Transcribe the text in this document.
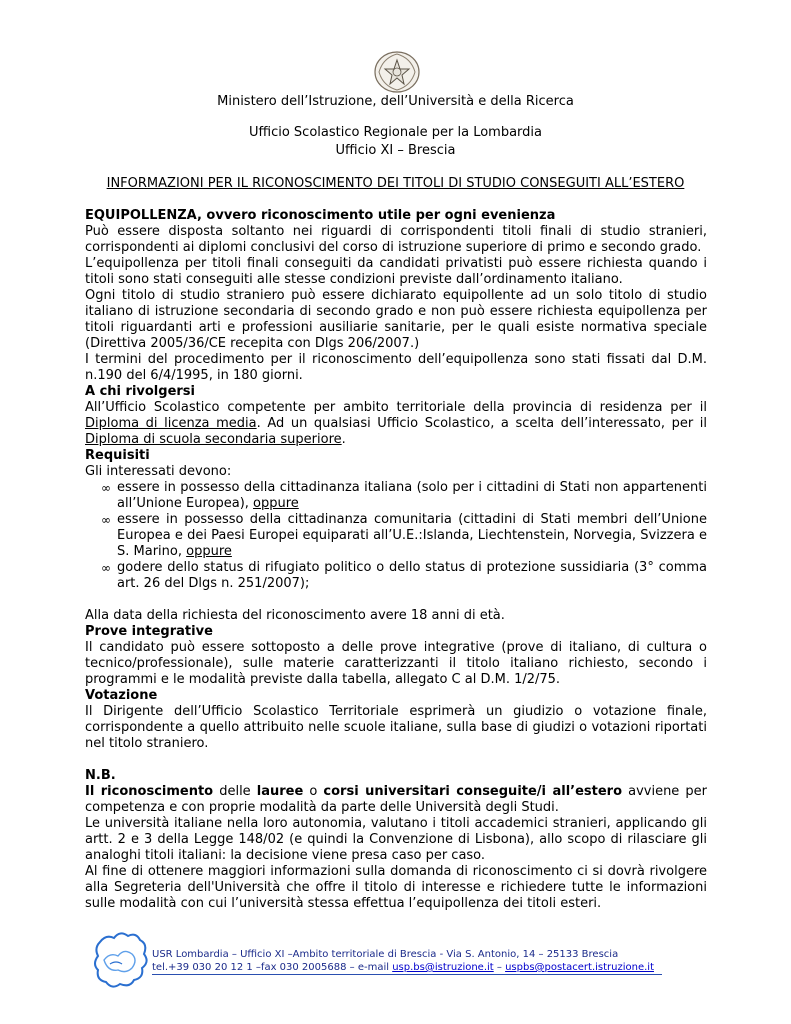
Ministero dell’Istruzione, dell’Università e della Ricerca
Ufficio Scolastico Regionale per la Lombardia
Ufficio XI – Brescia
INFORMAZIONI PER IL RICONOSCIMENTO DEI TITOLI DI STUDIO CONSEGUITI ALL’ESTERO

EQUIPOLLENZA, ovvero riconoscimento utile per ogni evenienza

Può essere disposta soltanto nei riguardi di corrispondenti titoli finali di studio stranieri, corrispondenti ai diplomi conclusivi del corso di istruzione superiore di primo e secondo grado.

L’equipollenza per titoli finali conseguiti da candidati privatisti può essere richiesta quando i titoli sono stati conseguiti alle stesse condizioni previste dall’ordinamento italiano.

Ogni titolo di studio straniero può essere dichiarato equipollente ad un solo titolo di studio italiano di istruzione secondaria di secondo grado e non può essere richiesta equipollenza per titoli riguardanti arti e professioni ausiliarie sanitarie, per le quali esiste normativa speciale (Direttiva 2005/36/CE recepita con Dlgs 206/2007.)

I termini del procedimento per il riconoscimento dell’equipollenza sono stati fissati dal D.M. n.190 del 6/4/1995, in 180 giorni.

A chi rivolgersi

All’Ufficio Scolastico competente per ambito territoriale della provincia di residenza per il Diploma di licenza media. Ad un qualsiasi Ufficio Scolastico, a scelta dell’interessato, per il Diploma di scuola secondaria superiore.

Requisiti

Gli interessati devono:

∞ essere in possesso della cittadinanza italiana (solo per i cittadini di Stati non appartenenti all’Unione Europea), oppure
∞ essere in possesso della cittadinanza comunitaria (cittadini di Stati membri dell’Unione Europea e dei Paesi Europei equiparati all’U.E.:Islanda, Liechtenstein, Norvegia, Svizzera e S. Marino, oppure
∞ godere dello status di rifugiato politico o dello status di protezione sussidiaria (3° comma art. 26 del Dlgs n. 251/2007);

Alla data della richiesta del riconoscimento avere 18 anni di età.

Prove integrative

Il candidato può essere sottoposto a delle prove integrative (prove di italiano, di cultura o tecnico/professionale), sulle materie caratterizzanti il titolo italiano richiesto, secondo i programmi e le modalità previste dalla tabella, allegato C al D.M. 1/2/75.

Votazione

Il Dirigente dell’Ufficio Scolastico Territoriale esprimerà un giudizio o votazione finale, corrispondente a quello attribuito nelle scuole italiane, sulla base di giudizi o votazioni riportati nel titolo straniero.

N.B.

Il riconoscimento delle lauree o corsi universitari conseguite/i all’estero avviene per competenza e con proprie modalità da parte delle Università degli Studi.

Le università italiane nella loro autonomia, valutano i titoli accademici stranieri, applicando gli artt. 2 e 3 della Legge 148/02 (e quindi la Convenzione di Lisbona), allo scopo di rilasciare gli analoghi titoli italiani: la decisione viene presa caso per caso.

Al fine di ottenere maggiori informazioni sulla domanda di riconoscimento ci si dovrà rivolgere alla Segreteria dell'Università che offre il titolo di interesse e richiedere tutte le informazioni sulle modalità con cui l’università stessa effettua l’equipollenza dei titoli esteri.

USR Lombardia – Ufficio XI –Ambito territoriale di Brescia - Via S. Antonio, 14 – 25133 Brescia
tel.+39 030 20 12 1 –fax 030 2005688 – e-mail usp.bs@istruzione.it – uspbs@postacert.istruzione.it
